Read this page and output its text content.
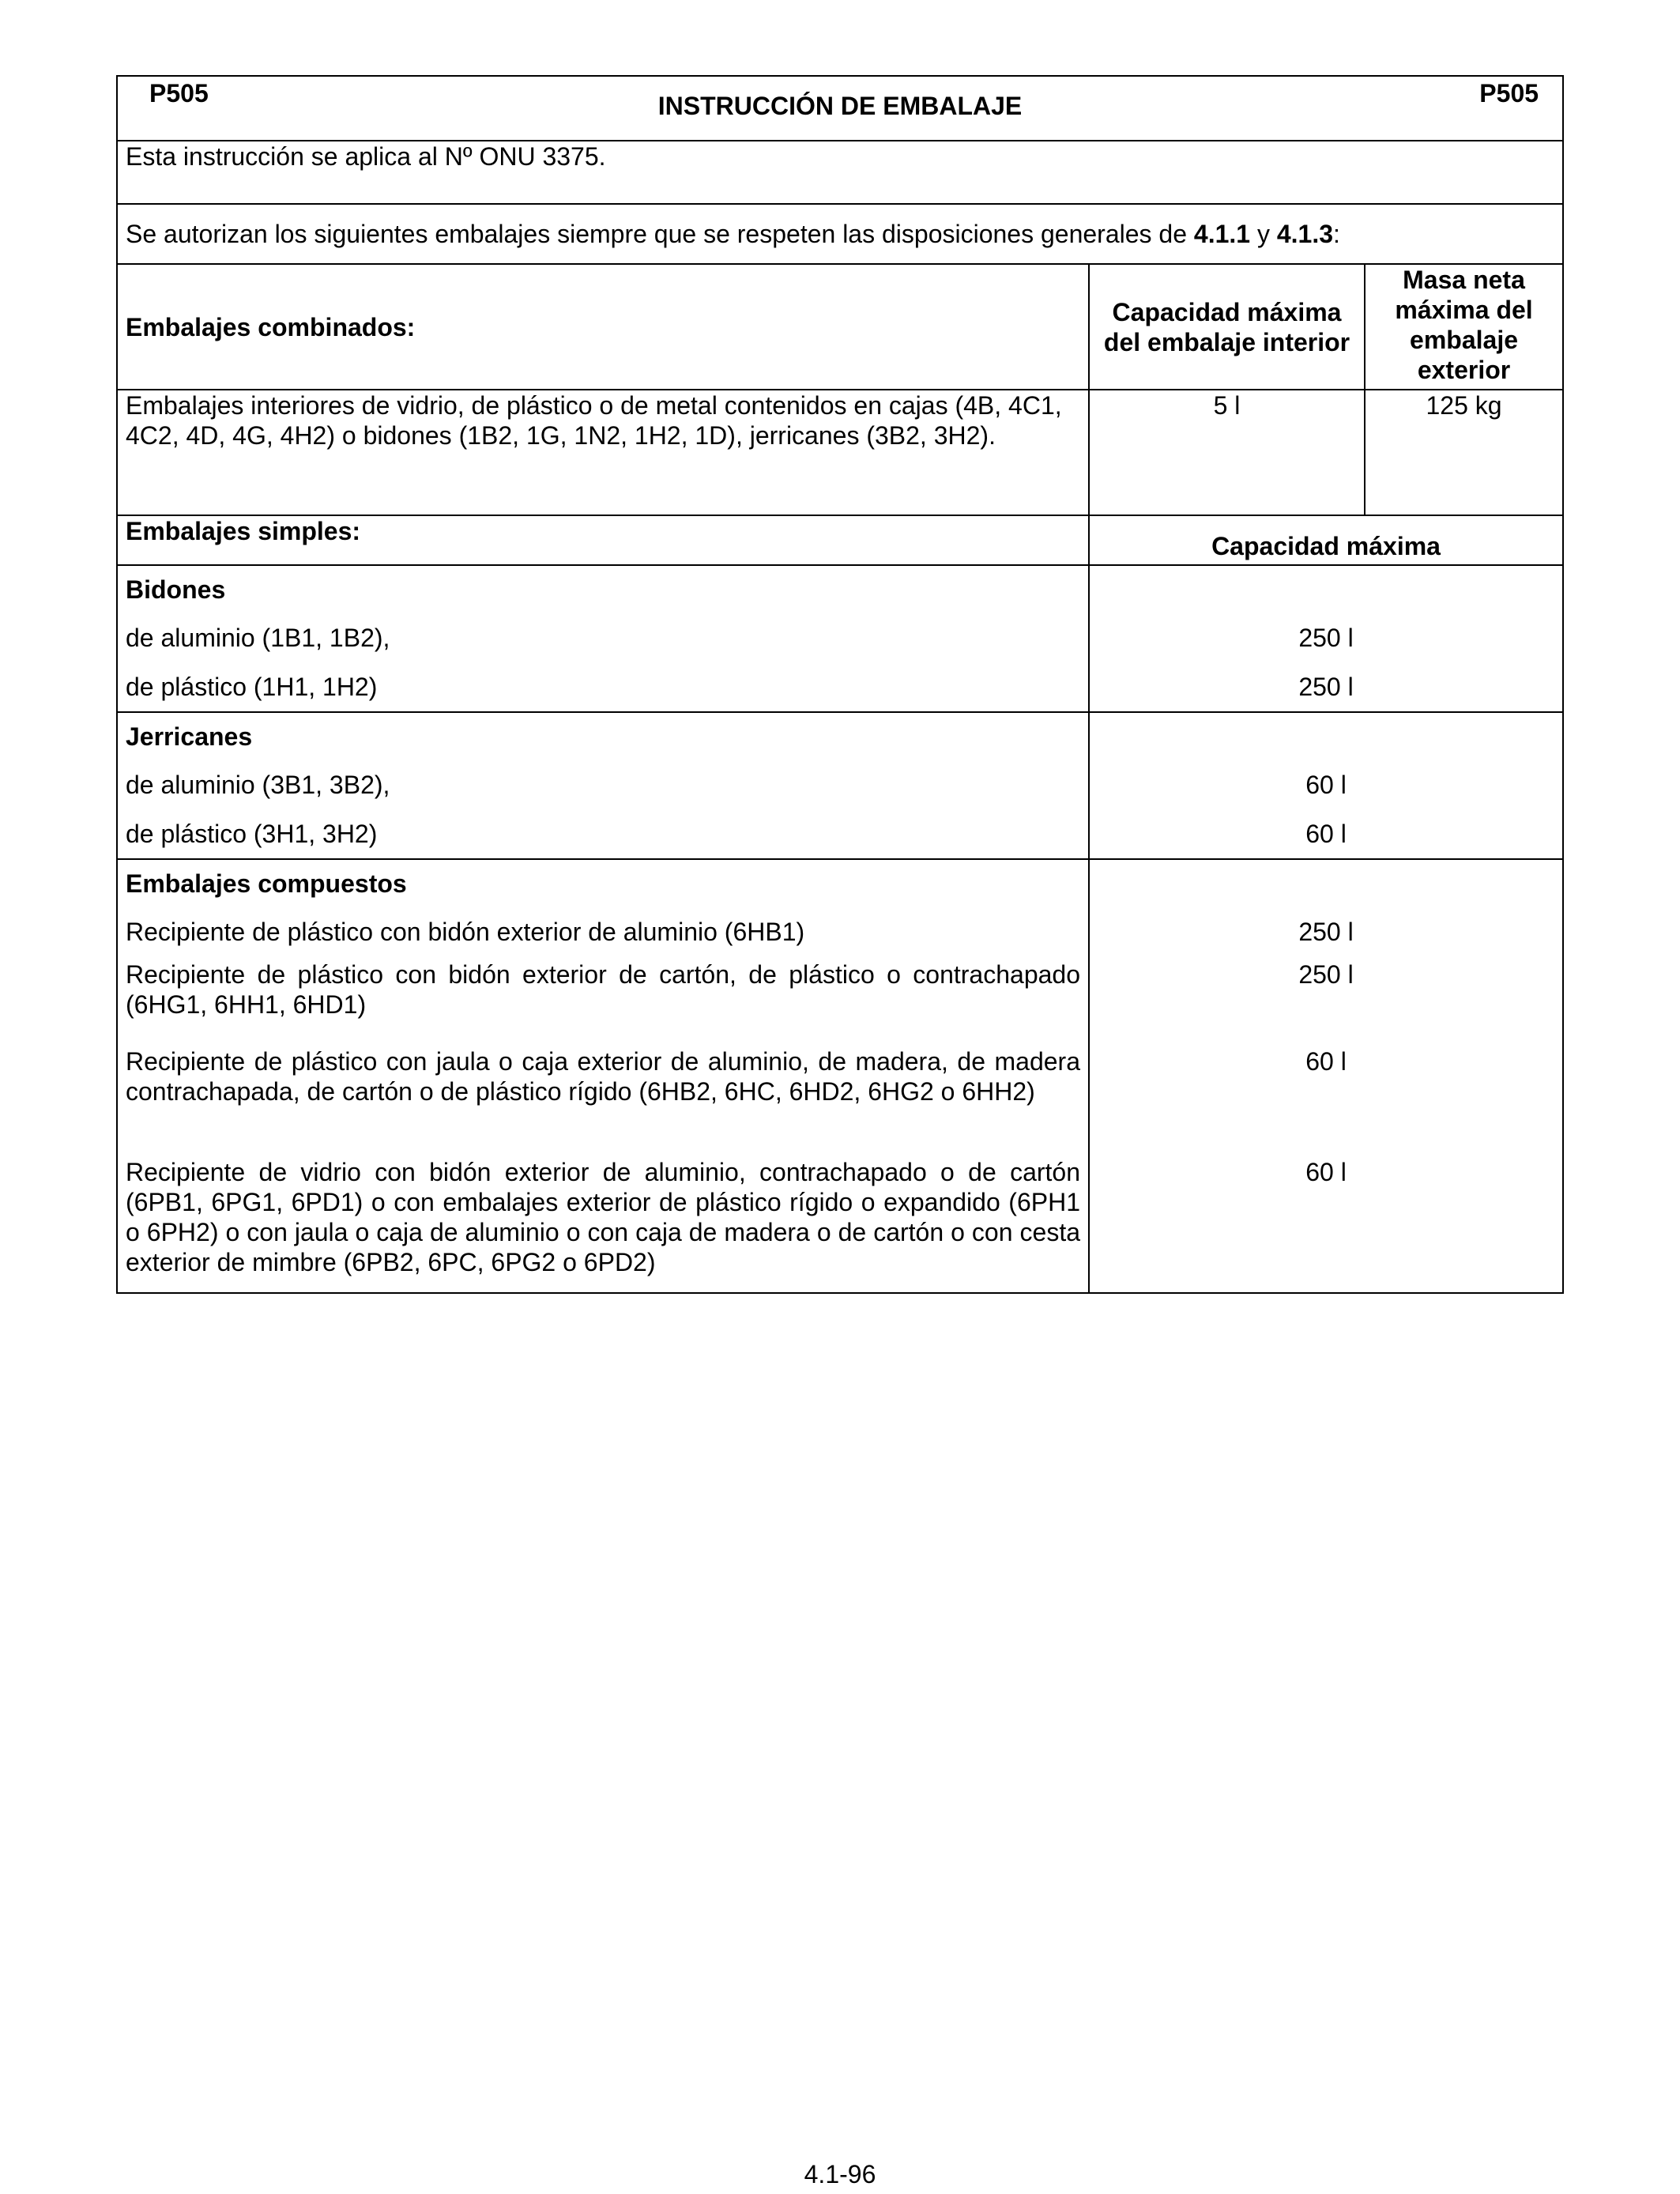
P505 INSTRUCCIÓN DE EMBALAJE P505		

Esta instrucción se aplica al Nº ONU 3375.		

Se autorizan los siguientes embalajes siempre que se respeten las disposiciones generales de 4.1.1 y 4.1.3:		

Embalajes combinados:	Capacidad máxima del embalaje interior	Masa neta máxima del embalaje exterior
Embalajes interiores de vidrio, de plástico o de metal contenidos en cajas (4B, 4C1, 4C2, 4D, 4G, 4H2) o bidones (1B2, 1G, 1N2, 1H2, 1D), jerricanes (3B2, 3H2).	5 l	125 kg
Embalajes simples:	Capacidad máxima	
Bidones		
de aluminio (1B1, 1B2),	250 l	
de plástico (1H1, 1H2)	250 l	
Jerricanes		
de aluminio (3B1, 3B2),	60 l	
de plástico (3H1, 3H2)	60 l	
Embalajes compuestos		
Recipiente de plástico con bidón exterior de aluminio (6HB1)	250 l	
Recipiente de plástico con bidón exterior de cartón, de plástico o contrachapado (6HG1, 6HH1, 6HD1)	250 l	
Recipiente de plástico con jaula o caja exterior de aluminio, de madera, de madera contrachapada, de cartón o de plástico rígido (6HB2, 6HC, 6HD2, 6HG2 o 6HH2)	60 l	
Recipiente de vidrio con bidón exterior de aluminio, contrachapado o de cartón (6PB1, 6PG1, 6PD1) o con embalajes exterior de plástico rígido o expandido (6PH1 o 6PH2) o con jaula o caja de aluminio o con caja de madera o de cartón o con cesta exterior de mimbre (6PB2, 6PC, 6PG2 o 6PD2)	60 l	
4.1-96
